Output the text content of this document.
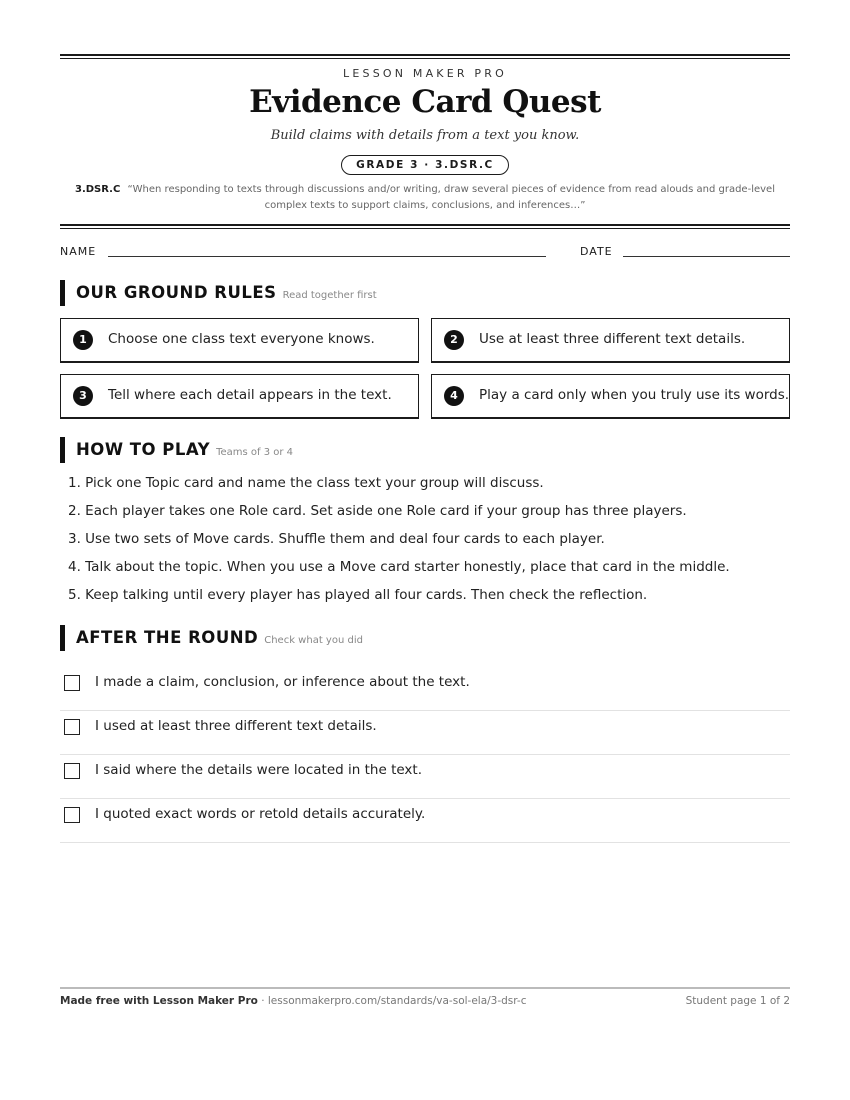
LESSON MAKER PRO
Evidence Card Quest
Build claims with details from a text you know.
GRADE 3 · 3.DSR.C
3.DSR.C “When responding to texts through discussions and/or writing, draw several pieces of evidence from read alouds and grade-level complex texts to support claims, conclusions, and inferences…”
NAME	DATE
OUR GROUND RULES Read together first
1	Choose one class text everyone knows.	2	Use at least three different text details.
3	Tell where each detail appears in the text.	4	Play a card only when you truly use its words.
HOW TO PLAY Teams of 3 or 4
1. Pick one Topic card and name the class text your group will discuss.
2. Each player takes one Role card. Set aside one Role card if your group has three players.
3. Use two sets of Move cards. Shuffle them and deal four cards to each player.
4. Talk about the topic. When you use a Move card starter honestly, place that card in the middle.
5. Keep talking until every player has played all four cards. Then check the reflection.
AFTER THE ROUND Check what you did
I made a claim, conclusion, or inference about the text.
I used at least three different text details.
I said where the details were located in the text.
I quoted exact words or retold details accurately.
Made free with Lesson Maker Pro · lessonmakerpro.com/standards/va-sol-ela/3-dsr-c	Student page 1 of 2
